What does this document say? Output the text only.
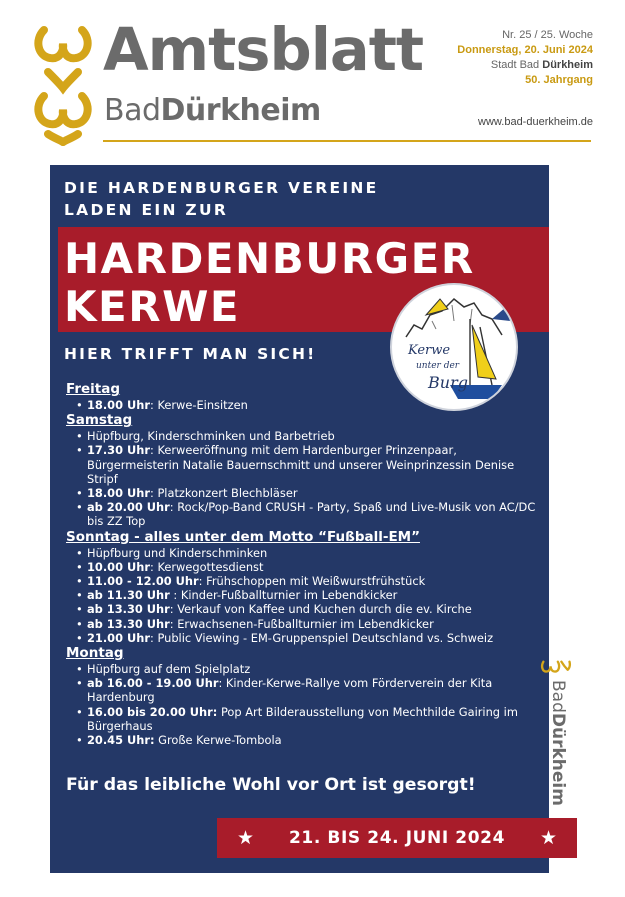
Amtsblatt
BadDürkheim
Nr. 25 / 25. Woche
Donnerstag, 20. Juni 2024
Stadt Bad Dürkheim
50. Jahrgang
www.bad-duerkheim.de
DIE HARDENBURGER VEREINE
LADEN EIN ZUR
HARDENBURGER
KERWE
HIER TRIFFT MAN SICH!	Kerwe
unter der
Burg
Freitag
• 18.00 Uhr: Kerwe-Einsitzen
Samstag
• Hüpfburg, Kinderschminken und Barbetrieb
• 17.30 Uhr: Kerweeröffnung mit dem Hardenburger Prinzenpaar, Bürgermeisterin Natalie Bauernschmitt und unserer Weinprinzessin Denise Stripf
• 18.00 Uhr: Platzkonzert Blechbläser
• ab 20.00 Uhr: Rock/Pop-Band CRUSH - Party, Spaß und Live-Musik von AC/DC bis ZZ Top
Sonntag - alles unter dem Motto “Fußball-EM”
• Hüpfburg und Kinderschminken
• 10.00 Uhr: Kerwegottesdienst
• 11.00 - 12.00 Uhr: Frühschoppen mit Weißwurstfrühstück
• ab 11.30 Uhr : Kinder-Fußballturnier im Lebendkicker
• ab 13.30 Uhr: Verkauf von Kaffee und Kuchen durch die ev. Kirche
• ab 13.30 Uhr: Erwachsenen-Fußballturnier im Lebendkicker
• 21.00 Uhr: Public Viewing - EM-Gruppenspiel Deutschland vs. Schweiz
Montag
• Hüpfburg auf dem Spielplatz
• ab 16.00 - 19.00 Uhr: Kinder-Kerwe-Rallye vom Förderverein der Kita Hardenburg
• 16.00 bis 20.00 Uhr: Pop Art Bilderausstellung von Mechthilde Gairing im Bürgerhaus
• 20.45 Uhr: Große Kerwe-Tombola
Für das leibliche Wohl vor Ort ist gesorgt!
★	21. BIS 24. JUNI 2024	★
BadDürkheim
